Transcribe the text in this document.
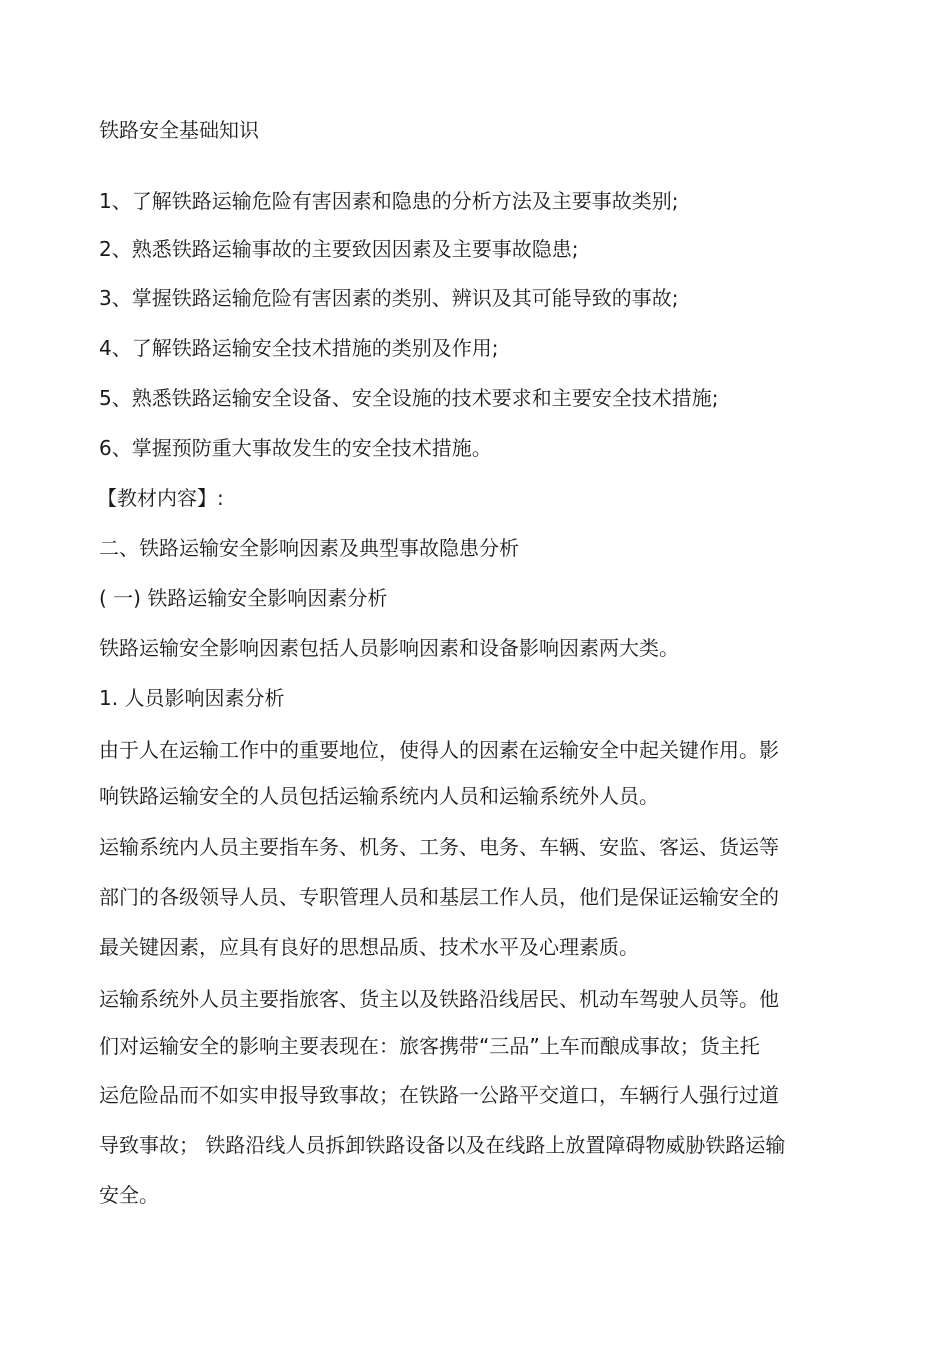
铁路安全基础知识
1、了解铁路运输危险有害因素和隐患的分析方法及主要事故类别;
2、熟悉铁路运输事故的主要致因因素及主要事故隐患;
3、掌握铁路运输危险有害因素的类别、辨识及其可能导致的事故;
4、了解铁路运输安全技术措施的类别及作用;
5、熟悉铁路运输安全设备、安全设施的技术要求和主要安全技术措施;
6、掌握预防重大事故发生的安全技术措施。
【教材内容】:
二、铁路运输安全影响因素及典型事故隐患分析
( 一) 铁路运输安全影响因素分析
铁路运输安全影响因素包括人员影响因素和设备影响因素两大类。
1. 人员影响因素分析
由于人在运输工作中的重要地位，使得人的因素在运输安全中起关键作用。影
响铁路运输安全的人员包括运输系统内人员和运输系统外人员。
运输系统内人员主要指车务、机务、工务、电务、车辆、安监、客运、货运等
部门的各级领导人员、专职管理人员和基层工作人员，他们是保证运输安全的
最关键因素，应具有良好的思想品质、技术水平及心理素质。
运输系统外人员主要指旅客、货主以及铁路沿线居民、机动车驾驶人员等。他
们对运输安全的影响主要表现在：旅客携带“三品”上车而酿成事故；货主托
运危险品而不如实申报导致事故；在铁路一公路平交道口，车辆行人强行过道
导致事故； 铁路沿线人员拆卸铁路设备以及在线路上放置障碍物威胁铁路运输
安全。
